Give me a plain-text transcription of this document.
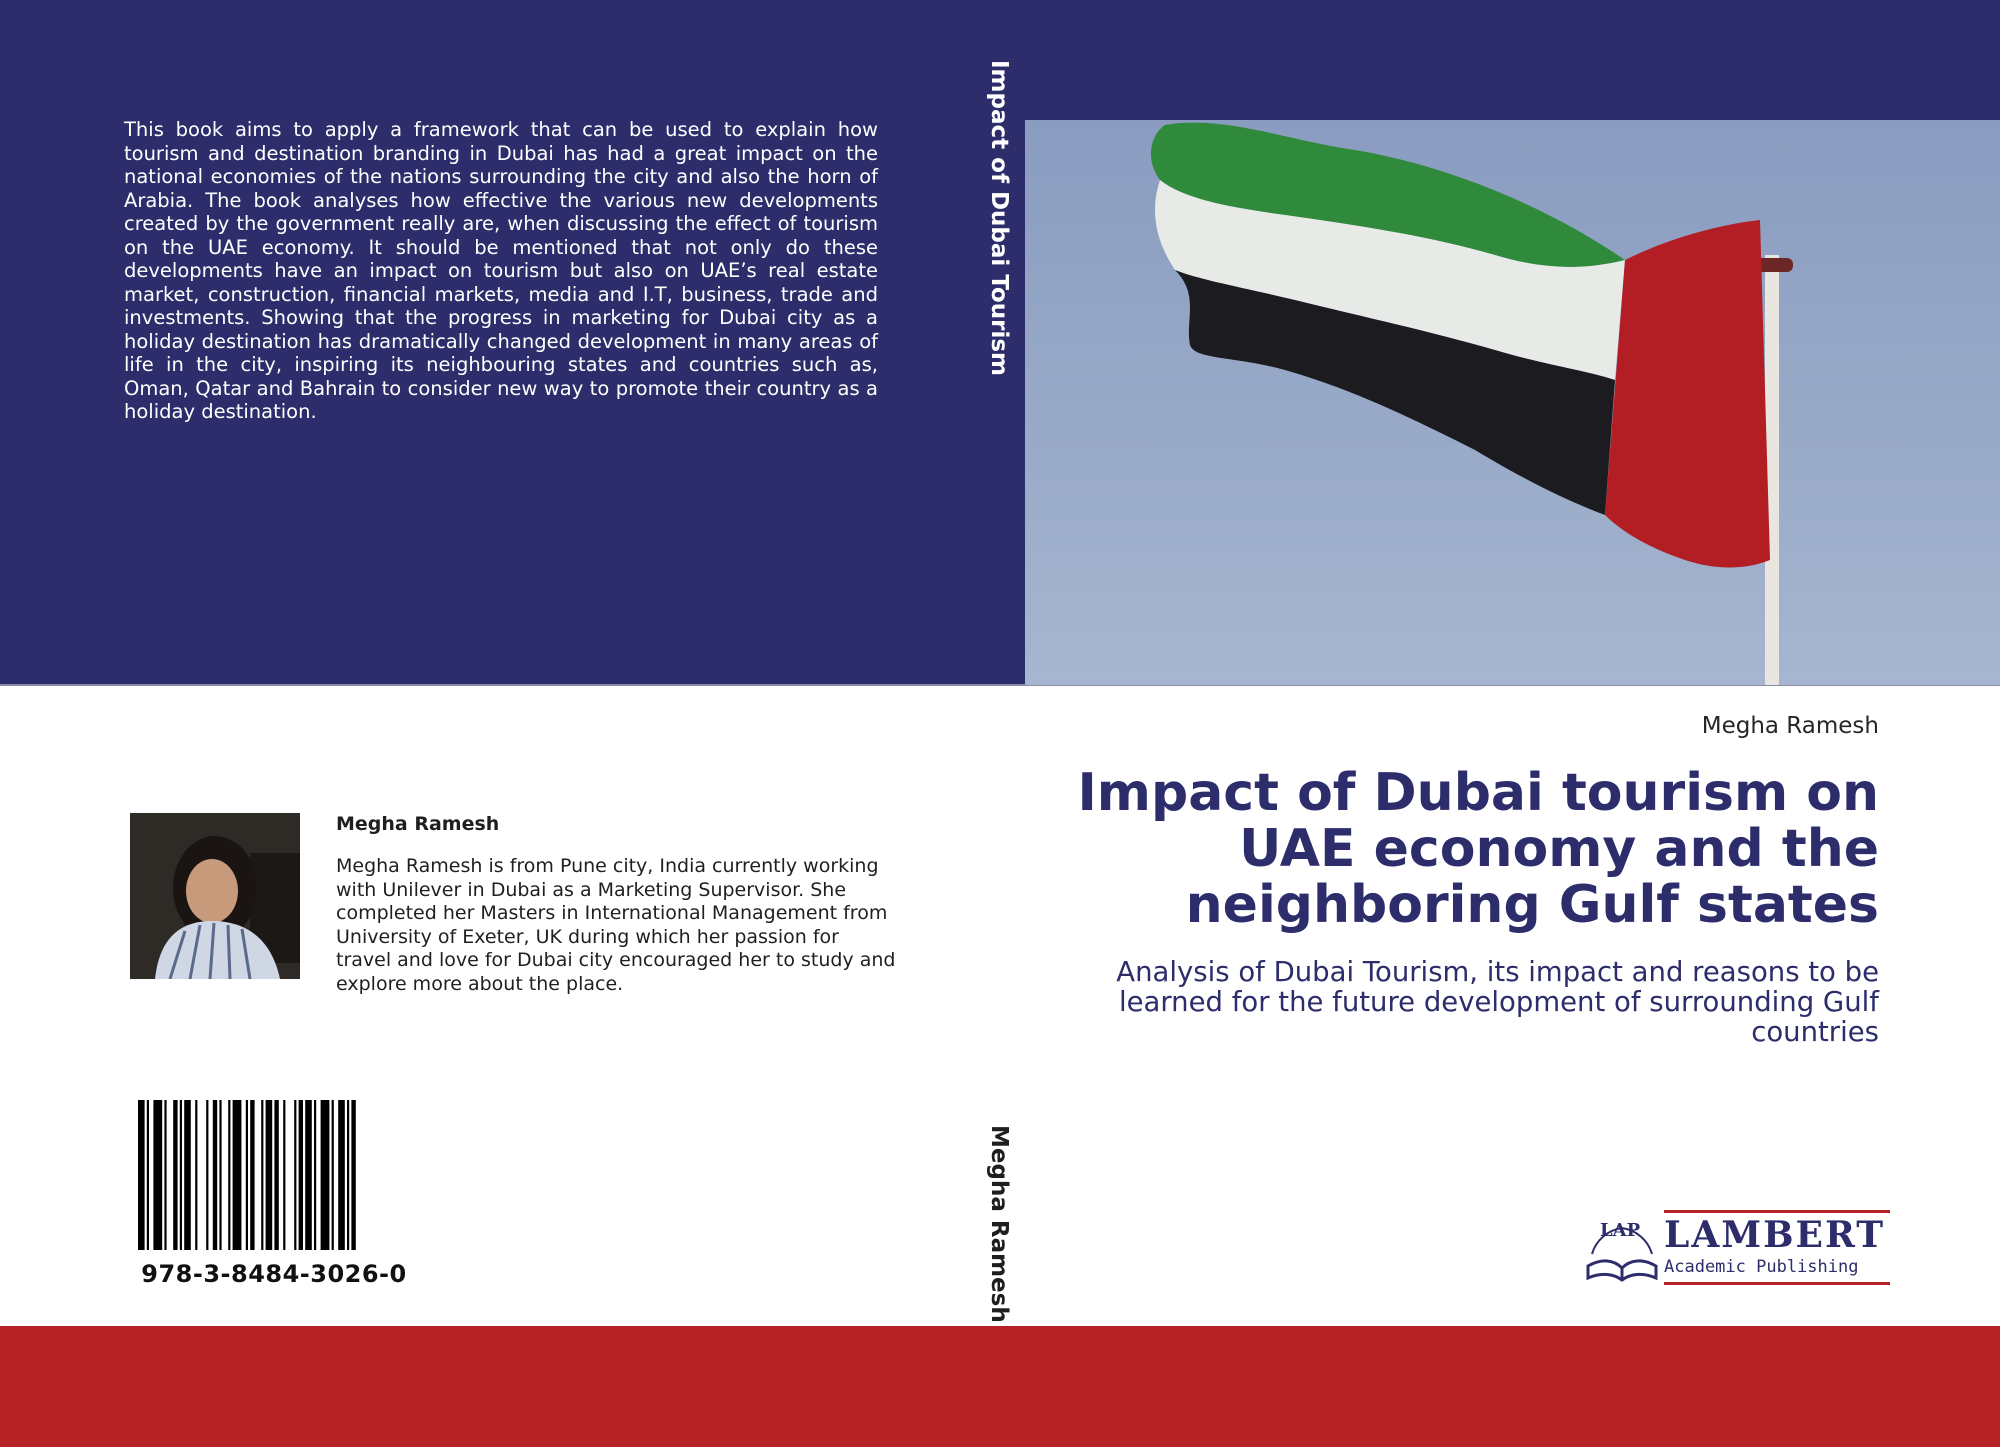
This book aims to apply a framework that can be used to explain how tourism and destination branding in Dubai has had a great impact on the national economies of the nations surrounding the city and also the horn of Arabia. The book analyses how effective the various new developments created by the government really are, when discussing the effect of tourism on the UAE economy. It should be mentioned that not only do these developments have an impact on tourism but also on UAE’s real estate market, construction, financial markets, media and I.T, business, trade and investments. Showing that the progress in marketing for Dubai city as a holiday destination has dramatically changed development in many areas of life in the city, inspiring its neighbouring states and countries such as, Oman, Qatar and Bahrain to consider new way to promote their country as a holiday destination.

Impact of Dubai Tourism
Megha Ramesh
Megha Ramesh
Impact of Dubai tourism on UAE economy and the neighboring Gulf states

Analysis of Dubai Tourism, its impact and reasons to be learned for the future development of surrounding Gulf countries

Megha Ramesh

Megha Ramesh is from Pune city, India currently working with Unilever in Dubai as a Marketing Supervisor. She completed her Masters in International Management from University of Exeter, UK during which her passion for travel and love for Dubai city encouraged her to study and explore more about the place.

978-3-8484-3026-0
LAP LAMBERT
Academic Publishing
